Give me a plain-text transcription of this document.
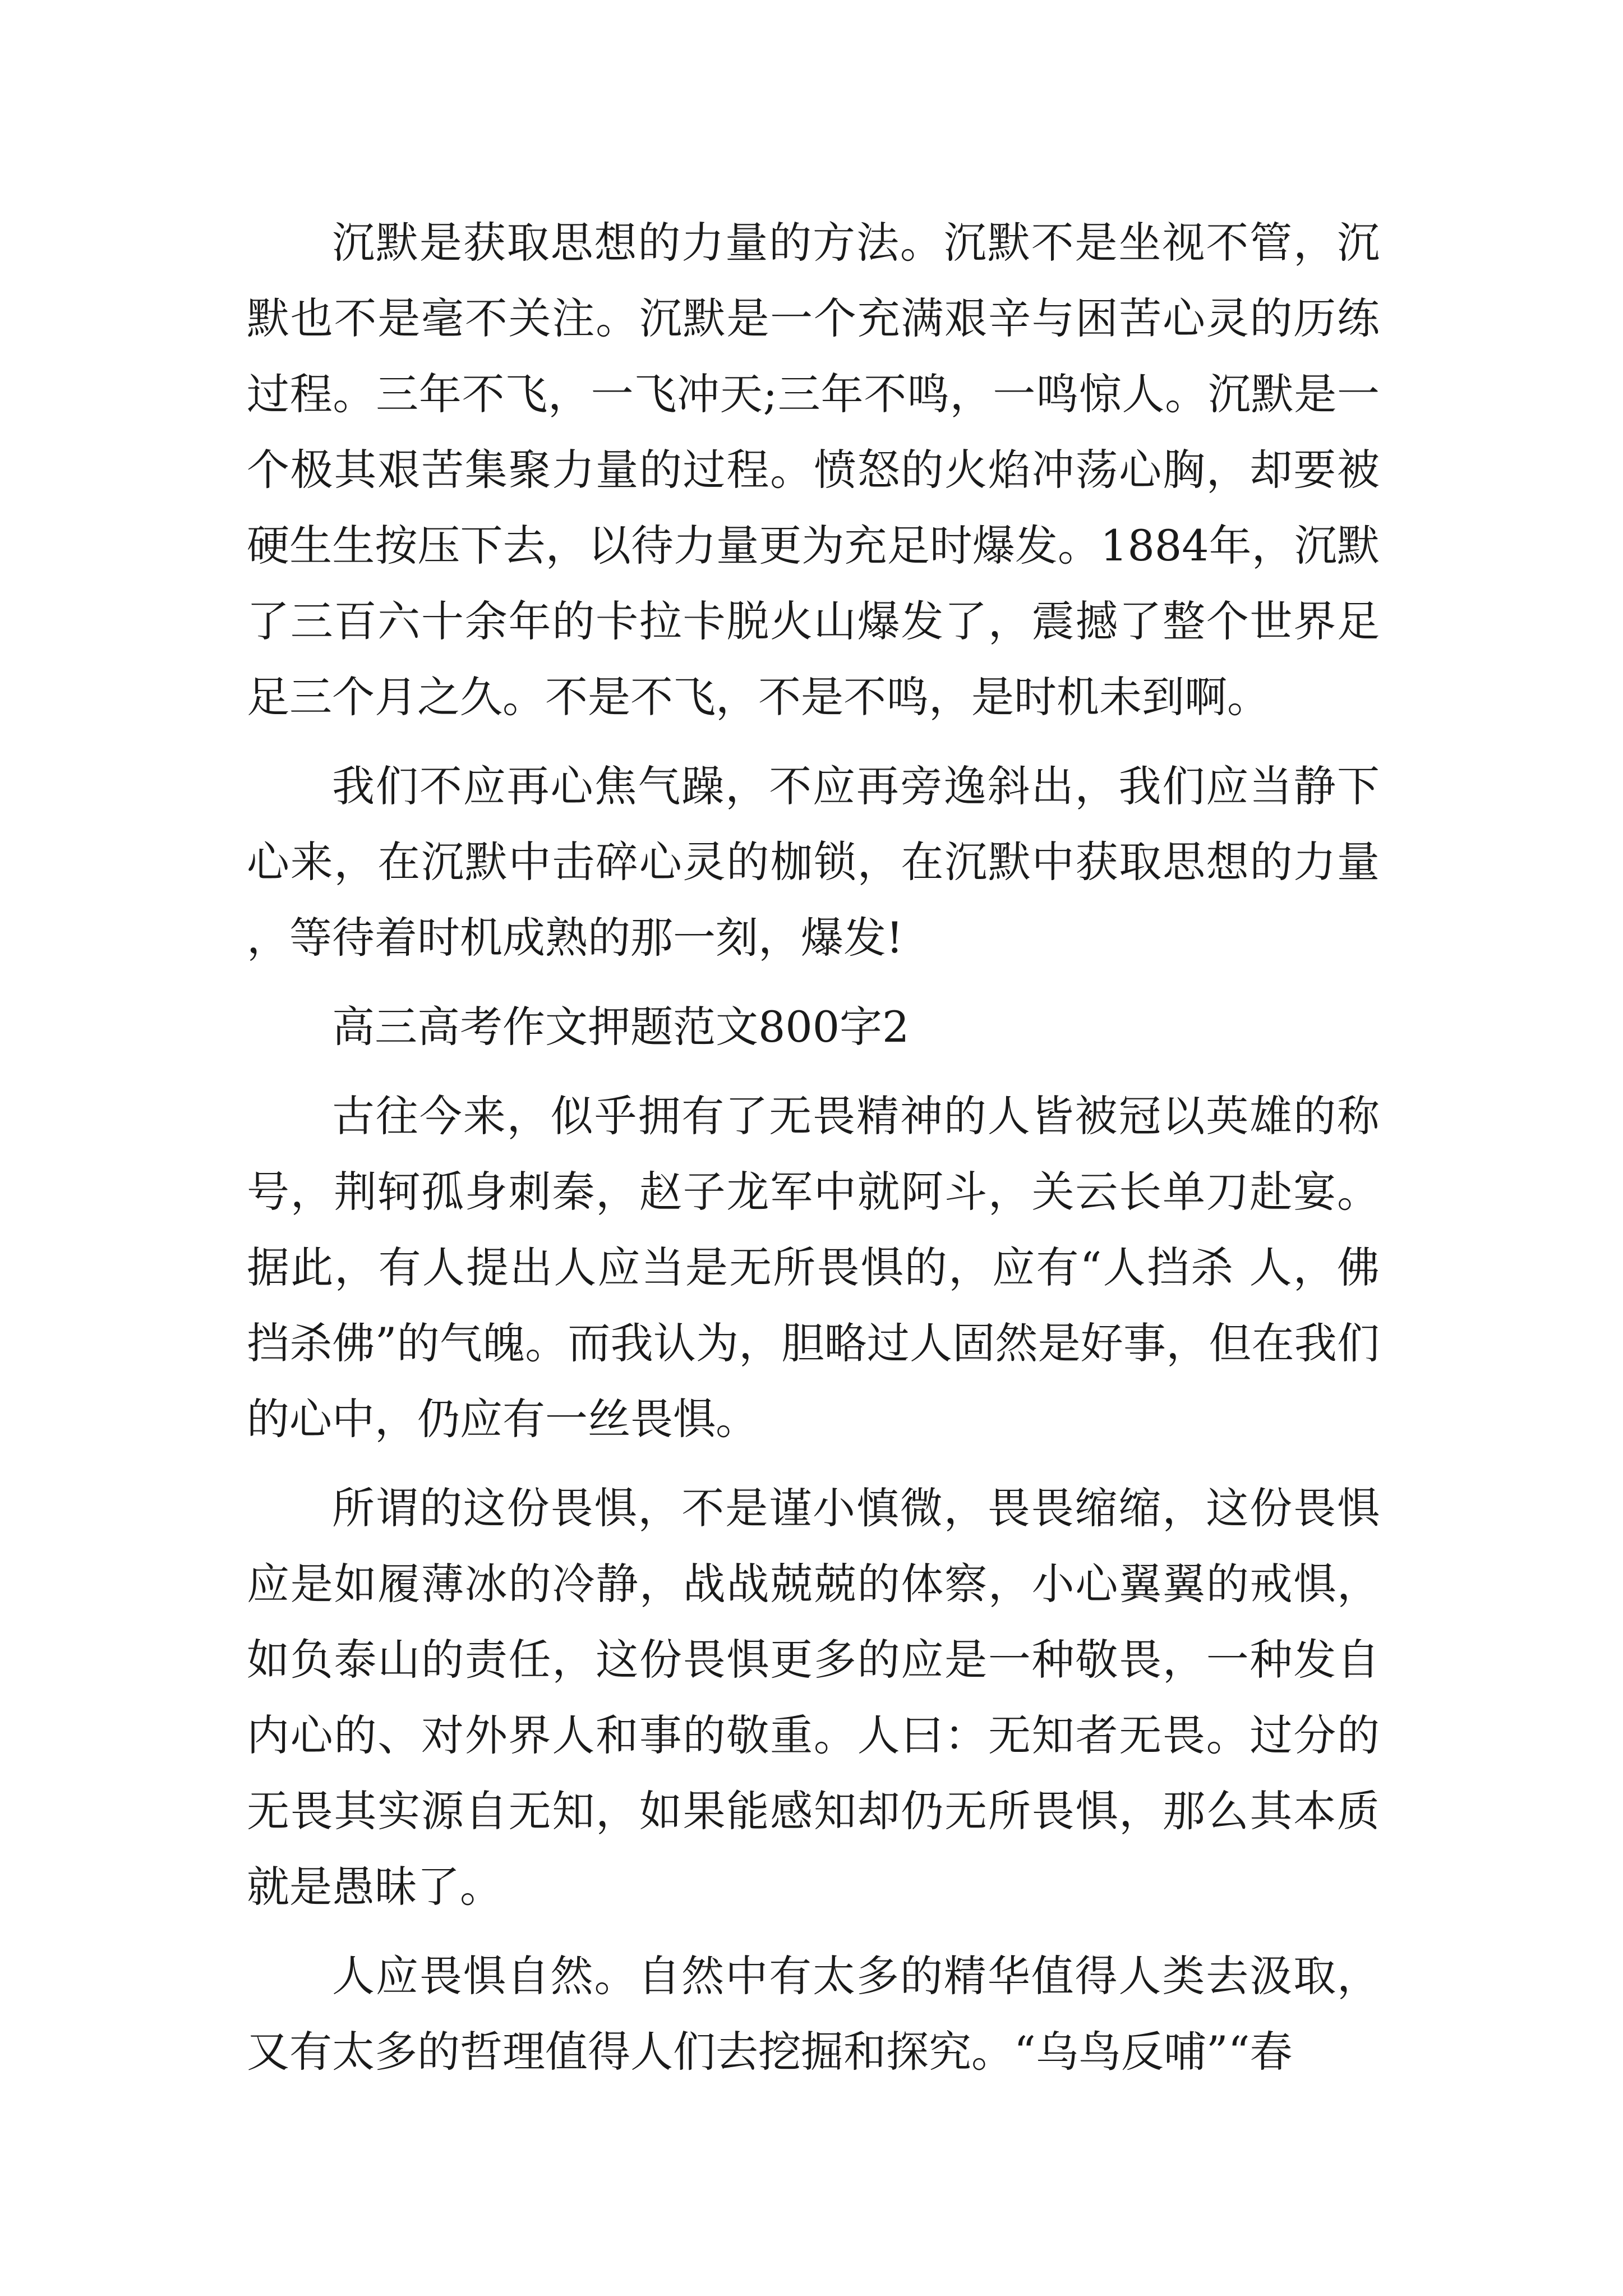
沉默是获取思想的力量的方法。沉默不是坐视不管，沉默也不是毫不关注。沉默是一个充满艰辛与困苦心灵的历练过程。三年不飞，一飞冲天;三年不鸣，一鸣惊人。沉默是一个极其艰苦集聚力量的过程。愤怒的火焰冲荡心胸，却要被硬生生按压下去，以待力量更为充足时爆发。1884年，沉默了三百六十余年的卡拉卡脱火山爆发了，震撼了整个世界足足三个月之久。不是不飞，不是不鸣，是时机未到啊。

我们不应再心焦气躁，不应再旁逸斜出，我们应当静下心来，在沉默中击碎心灵的枷锁，在沉默中获取思想的力量，等待着时机成熟的那一刻，爆发!

高三高考作文押题范文800字2

古往今来，似乎拥有了无畏精神的人皆被冠以英雄的称号，荆轲孤身刺秦，赵子龙军中就阿斗，关云长单刀赴宴。据此，有人提出人应当是无所畏惧的，应有“人挡杀 人，佛挡杀佛”的气魄。而我认为，胆略过人固然是好事，但在我们的心中，仍应有一丝畏惧。

所谓的这份畏惧，不是谨小慎微，畏畏缩缩，这份畏惧应是如履薄冰的冷静，战战兢兢的体察，小心翼翼的戒惧，如负泰山的责任，这份畏惧更多的应是一种敬畏，一种发自内心的、对外界人和事的敬重。人曰：无知者无畏。过分的无畏其实源自无知，如果能感知却仍无所畏惧，那么其本质就是愚昧了。

人应畏惧自然。自然中有太多的精华值得人类去汲取，又有太多的哲理值得人们去挖掘和探究。“乌鸟反哺”“春
